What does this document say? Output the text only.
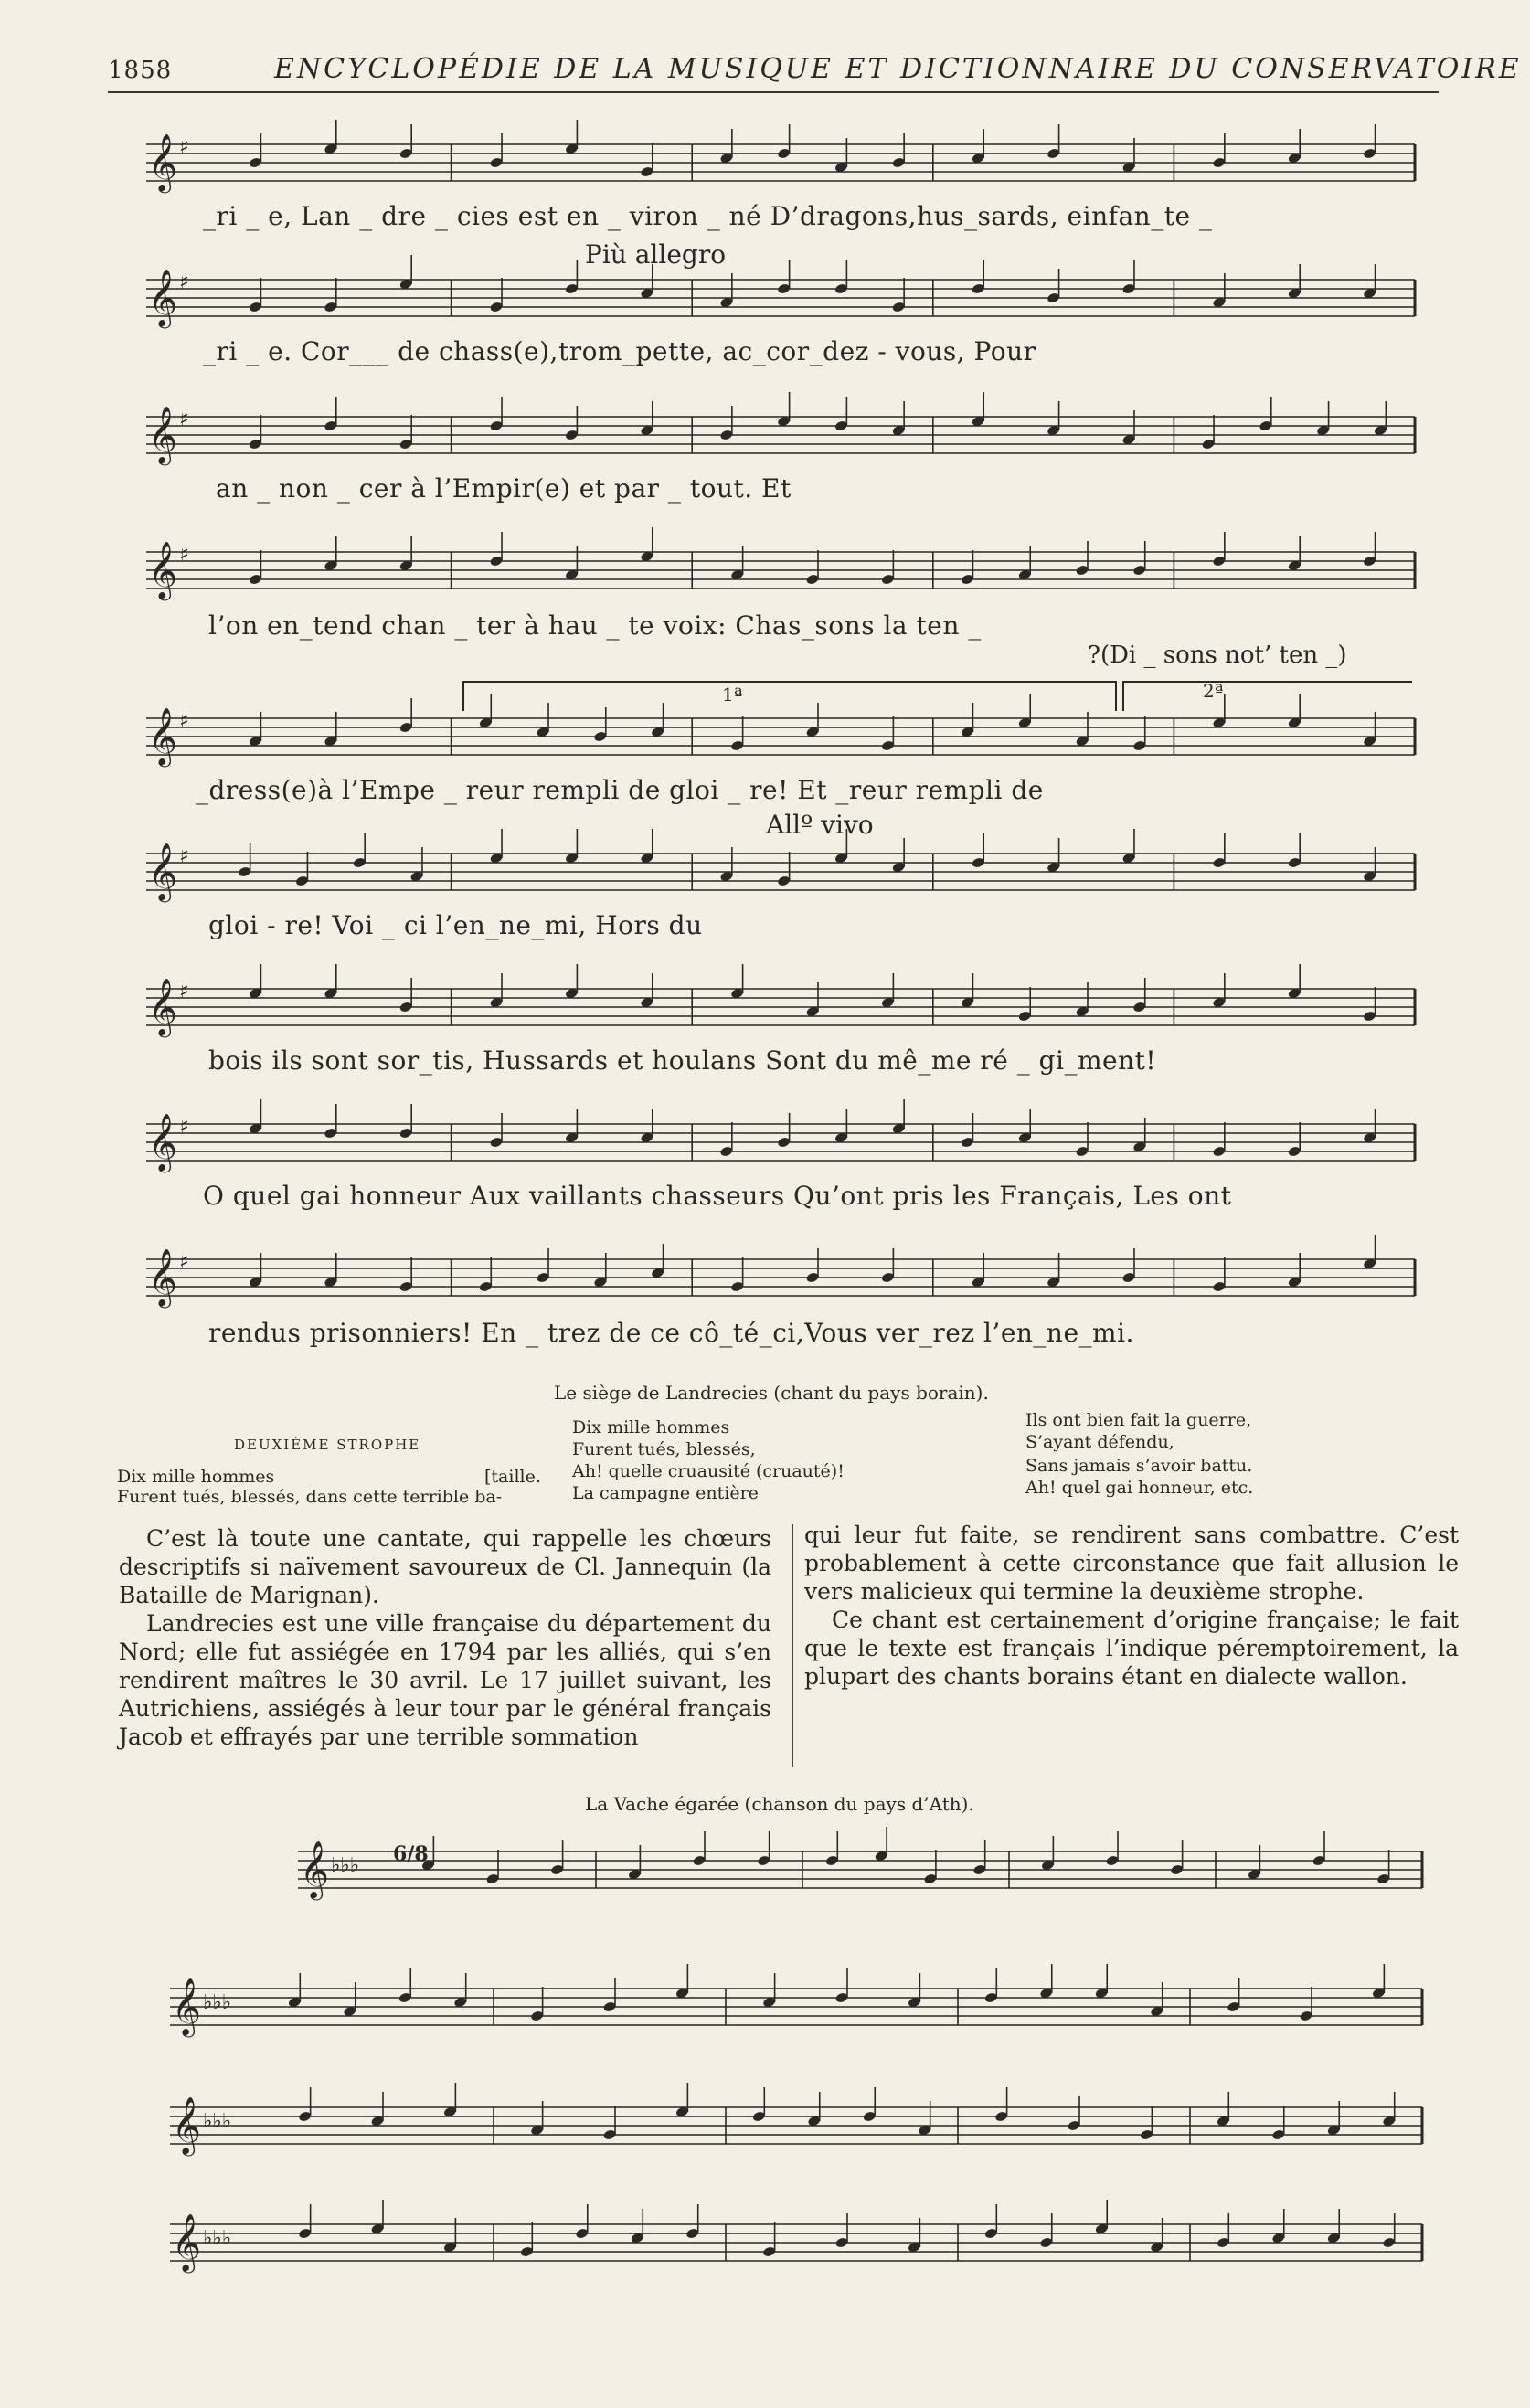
1858	ENCYCLOPÉDIE DE LA MUSIQUE ET DICTIONNAIRE DU CONSERVATOIRE
𝄞 ♯
𝄞 ♯
𝄞 ♯
𝄞 ♯
𝄞 ♯
𝄞 ♯
𝄞 ♯
𝄞 ♯
𝄞 ♯
Più allegro
?(Di _ sons not’ ten _)
1ª	2ª
Allº vivo
_ri _ e, Lan _ dre _ cies est en _ viron _ né D’dragons,hus_sards, einfan_te _
_ri _ e. Cor___ de chass(e),trom_pette, ac_cor_dez - vous, Pour
an _ non _ cer à l’Empir(e) et par _ tout. Et
l’on en_tend chan _ ter à hau _ te voix: Chas_sons la ten _
_dress(e)à l’Empe _ reur rempli de gloi _ re! Et _reur rempli de
gloi - re! Voi _ ci l’en_ne_mi, Hors du
bois ils sont sor_tis, Hussards et houlans Sont du mê_me ré _ gi_ment!
O quel gai honneur Aux vaillants chasseurs Qu’ont pris les Français, Les ont
rendus prisonniers! En _ trez de ce cô_té_ci,Vous ver_rez l’en_ne_mi.
Le siège de Landrecies (chant du pays borain).
DEUXIÈME STROPHE
Dix mille hommes	[taille.
Furent tués, blessés, dans cette terrible ba-
Dix mille hommes
Furent tués, blessés,
Ah! quelle cruausité (cruauté)!
La campagne entière
Ils ont bien fait la guerre,
S’ayant défendu,
Sans jamais s’avoir battu.
Ah! quel gai honneur, etc.

C’est là toute une cantate, qui rappelle les chœurs descriptifs si naïvement savoureux de Cl. Jannequin (la Bataille de Marignan).

Landrecies est une ville française du département du Nord; elle fut assiégée en 1794 par les alliés, qui s’en rendirent maîtres le 30 avril. Le 17 juillet suivant, les Autrichiens, assiégés à leur tour par le général français Jacob et effrayés par une terrible sommation

qui leur fut faite, se rendirent sans combattre. C’est probablement à cette circonstance que fait allusion le vers malicieux qui termine la deuxième strophe.

Ce chant est certainement d’origine française; le fait que le texte est français l’indique péremptoirement, la plupart des chants borains étant en dialecte wallon.

La Vache égarée (chanson du pays d’Ath).
𝄞 ♭♭♭ 6/8
𝄞 ♭♭♭
𝄞 ♭♭♭
𝄞 ♭♭♭
